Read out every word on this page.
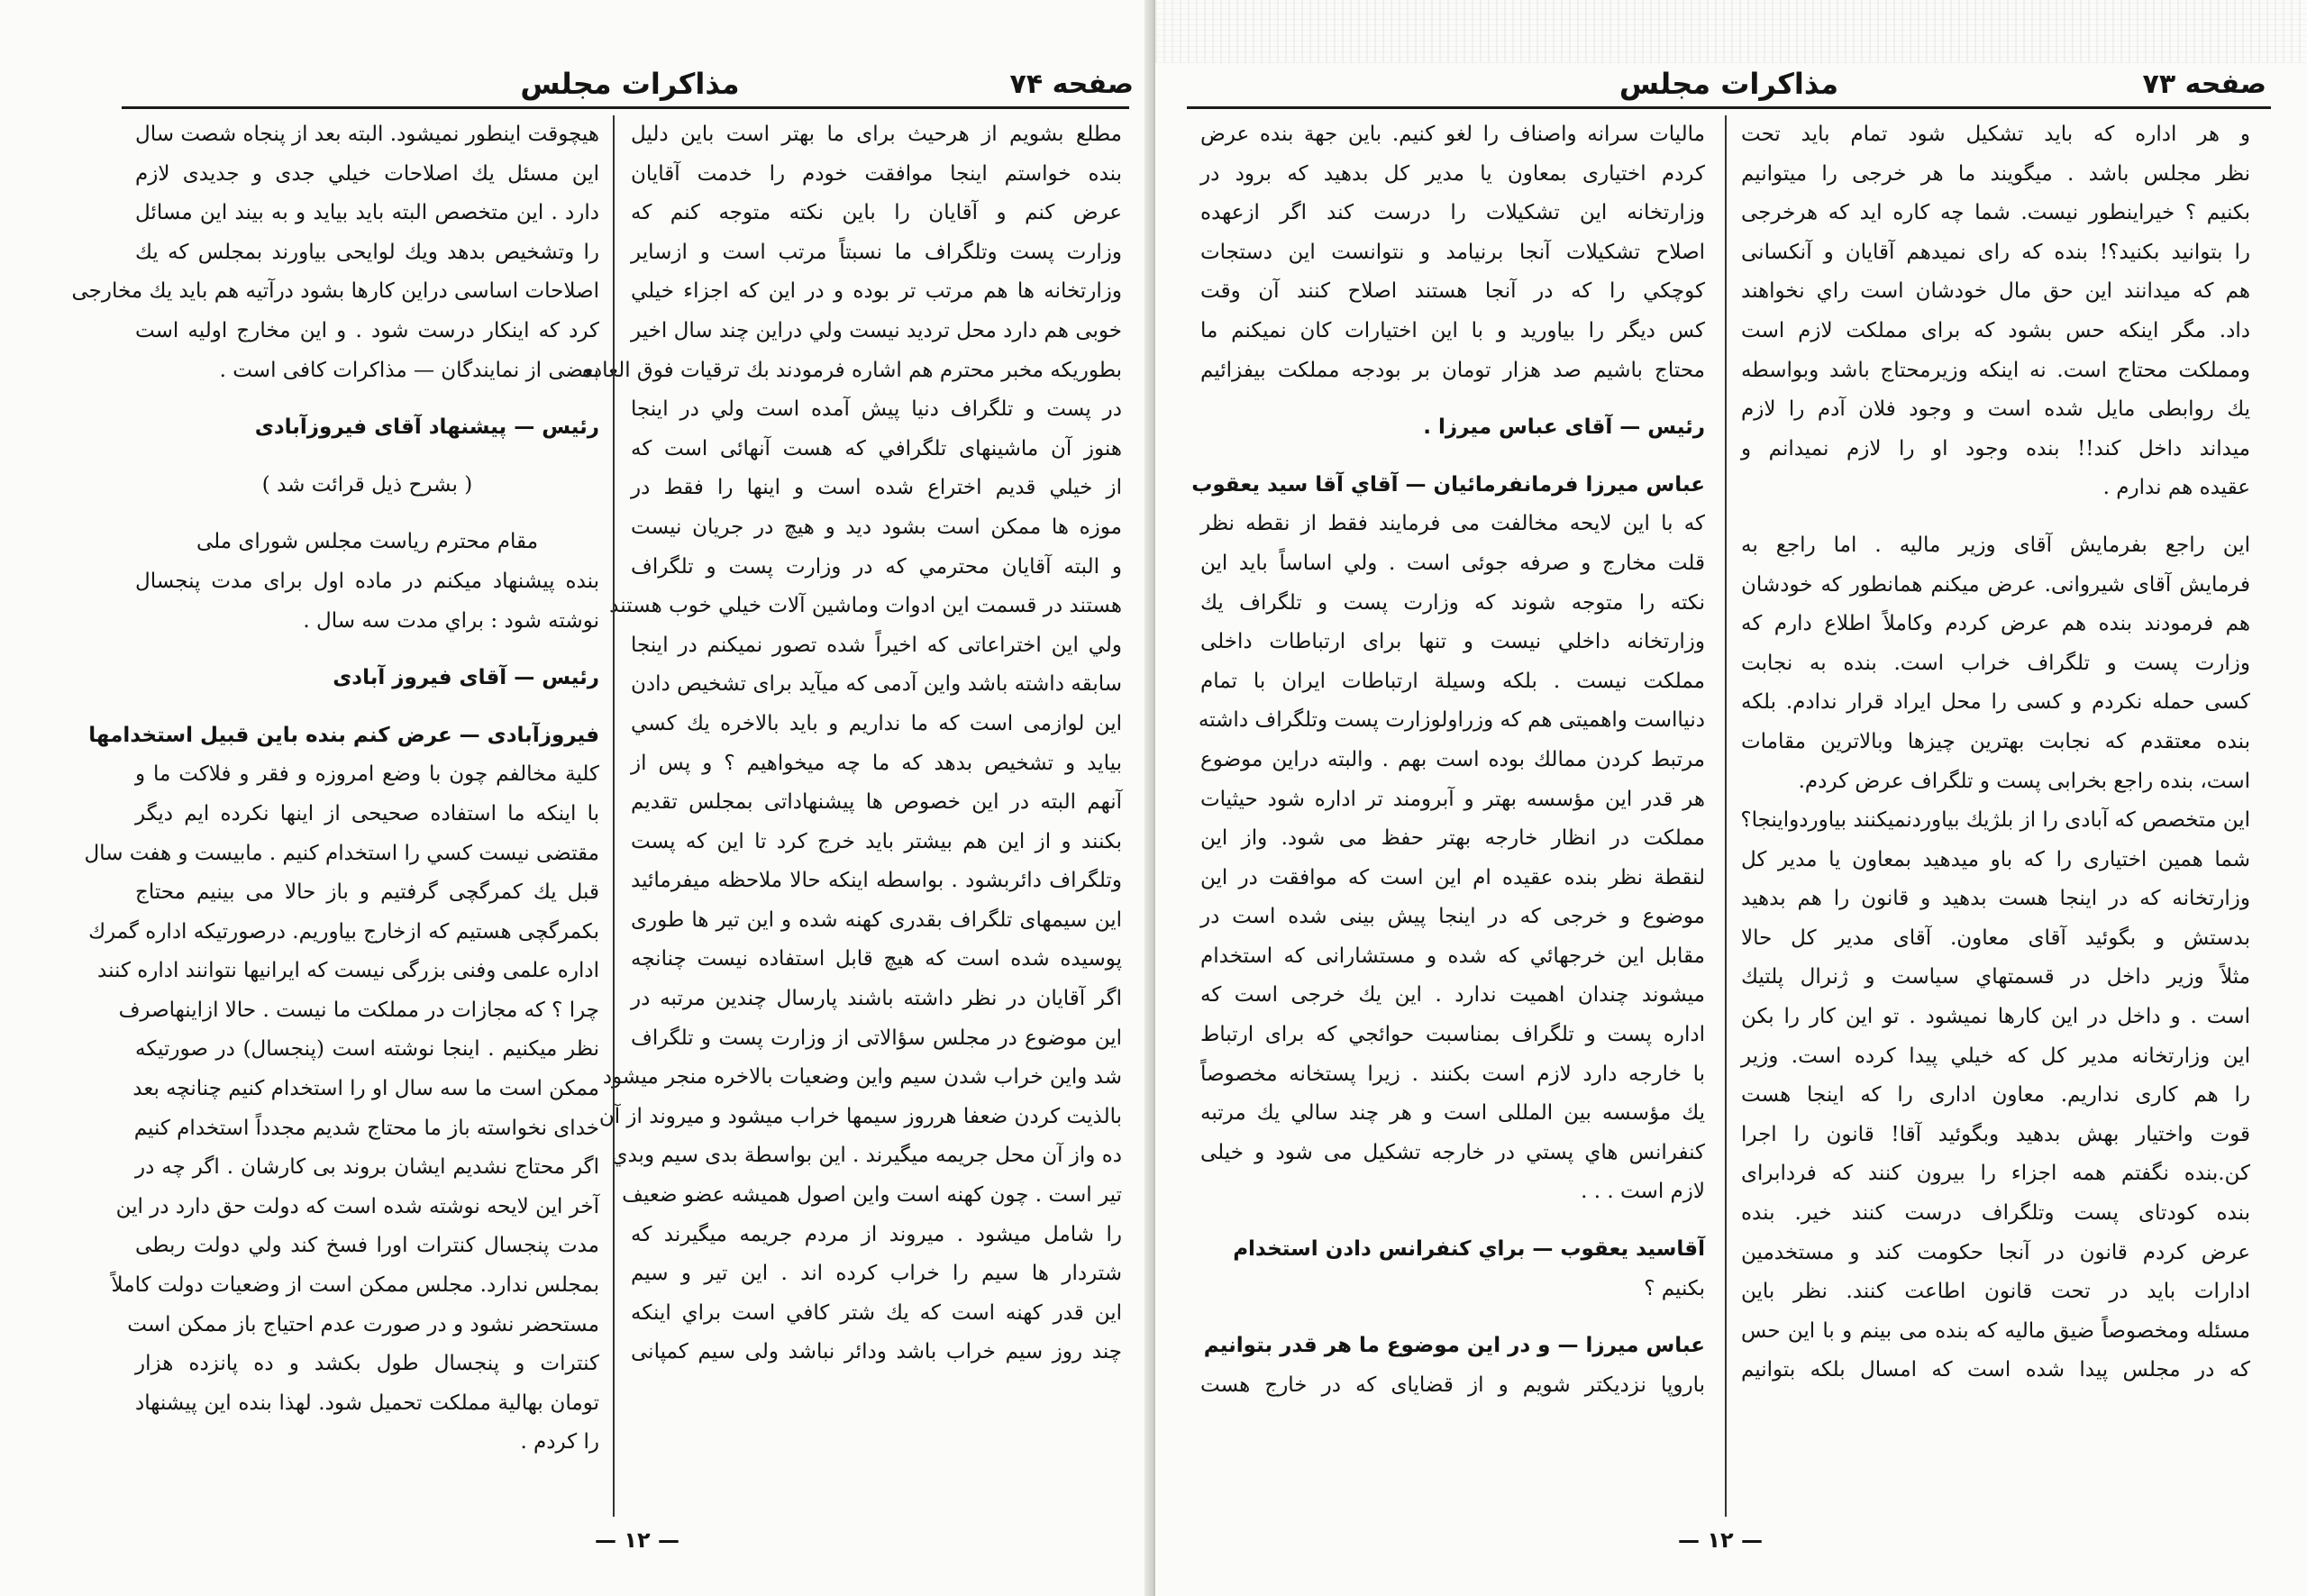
صفحه ۷۴
مذاکرات مجلس
مطلع بشويم از هرحيث براى ما بهتر است باين دليل
بنده خواستم اينجا موافقت خودم را خدمت آقايان
عرض كنم و آقايان را باين نكته متوجه كنم كه
وزارت پست وتلگراف ما نسبتاً مرتب است و ازساير
وزارتخانه ها هم مرتب تر بوده و در اين كه اجزاء خيلي
خوبى هم دارد محل ترديد نيست ولي دراين چند سال اخير
بطوريكه مخبر محترم هم اشاره فرمودند بك ترقيات فوق العاده
در پست و تلگراف دنيا پيش آمده است ولي در اينجا
هنوز آن ماشينهاى تلگرافي كه هست آنهائى است كه
از خيلي قديم اختراع شده است و اينها را فقط در
موزه ها ممكن است بشود ديد و هيچ در جريان نيست
و البته آقايان محترمي كه در وزارت پست و تلگراف
هستند در قسمت اين ادوات وماشين آلات خيلي خوب هستند
ولي اين اختراعاتى كه اخيراً شده تصور نميكنم در اينجا
سابقه داشته باشد واين آدمى كه ميآيد براى تشخيص دادن
اين لوازمى است كه ما نداريم و بايد بالاخره يك كسي
بيايد و تشخيص بدهد كه ما چه ميخواهيم ؟ و پس از
آنهم البته در اين خصوص ها پيشنهاداتى بمجلس تقديم
بكنند و از اين هم بيشتر بايد خرج كرد تا اين كه پست
وتلگراف دائربشود . بواسطه اينكه حالا ملاحظه ميفرمائيد
اين سيمهاى تلگراف بقدرى كهنه شده و اين تير ها طورى
پوسيده شده است كه هيچ قابل استفاده نيست چنانچه
اگر آقايان در نظر داشته باشند پارسال چندين مرتبه در
اين موضوع در مجلس سؤالاتى از وزارت پست و تلگراف
شد واين خراب شدن سيم واين وضعيات بالاخره منجر ميشود
بالذيت كردن ضعفا هرروز سيمها خراب ميشود و ميروند از آن
ده واز آن محل جريمه ميگيرند . اين بواسطة بدى سيم وبدي
تير است . چون كهنه است واين اصول هميشه عضو ضعيف
را شامل ميشود . ميروند از مردم جريمه ميگيرند كه
شتردار ها سيم را خراب كرده اند . اين تير و سيم
اين قدر كهنه است كه يك شتر كافي است براي اينكه
چند روز سيم خراب باشد ودائر نباشد ولى سيم كمپانى
هيچوقت اينطور نميشود. البته بعد از پنجاه شصت سال
اين مسئل يك اصلاحات خيلي جدى و جديدى لازم
دارد . اين متخصص البته بايد بيايد و به بيند اين مسائل
را وتشخيص بدهد ويك لوايحى بياورند بمجلس كه يك
اصلاحات اساسى دراين كارها بشود درآتيه هم بايد يك مخارجى
كرد كه اينكار درست شود . و اين مخارج اوليه است
بعضى از نمايندگان — مذاكرات كافى است .
رئيس — پيشنهاد آقاى فيروزآبادى
( بشرح ذيل قرائت شد )
مقام محترم رياست مجلس شوراى ملى
بنده پيشنهاد ميكنم در ماده اول براى مدت پنجسال
نوشته شود : براي مدت سه سال .
رئيس — آقاى فيروز آبادى
فيروزآبادى — عرض كنم بنده باين قبيل استخدامها
كلية مخالفم چون با وضع امروزه و فقر و فلاكت ما و
با اينكه ما استفاده صحيحى از اينها نكرده ايم ديگر
مقتضى نيست كسي را استخدام كنيم . مابيست و هفت سال
قبل يك كمرگچى گرفتيم و باز حالا مى بينيم محتاج
بكمرگچى هستيم كه ازخارج بياوريم. درصورتيكه اداره گمرك
اداره علمى وفنى بزرگى نيست كه ايرانيها نتوانند اداره كنند
چرا ؟ كه مجازات در مملكت ما نيست . حالا ازاينهاصرف
نظر ميكنيم . اينجا نوشته است (پنجسال) در صورتيكه
ممكن است ما سه سال او را استخدام كنيم چنانچه بعد
خداى نخواسته باز ما محتاج شديم مجدداً استخدام كنيم
اگر محتاج نشديم ايشان بروند بى كارشان . اگر چه در
آخر اين لايحه نوشته شده است كه دولت حق دارد در اين
مدت پنجسال كنترات اورا فسخ كند ولي دولت ربطى
بمجلس ندارد. مجلس ممكن است از وضعيات دولت كاملاً
مستحضر نشود و در صورت عدم احتياج باز ممكن است
كنترات و پنجسال طول بكشد و ده پانزده هزار
تومان بهالية مملكت تحميل شود. لهذا بنده اين پيشنهاد
را كردم .
— ۱۲ —
صفحه ۷۳
مذاكرات مجلس
و هر اداره كه بايد تشكيل شود تمام بايد تحت
نظر مجلس باشد . ميگويند ما هر خرجى را ميتوانيم
بكنيم ؟ خيراينطور نيست. شما چه كاره ايد كه هرخرجى
را بتوانيد بكنيد؟! بنده كه راى نميدهم آقايان و آنكسانى
هم كه ميدانند اين حق مال خودشان است راي نخواهند
داد. مگر اينكه حس بشود كه براى مملكت لازم است
ومملكت محتاج است. نه اينكه وزيرمحتاج باشد وبواسطه
يك روابطى مايل شده است و وجود فلان آدم را لازم
ميداند داخل كند!! بنده وجود او را لازم نميدانم و
عقيده هم ندارم .
اين راجع بفرمايش آقاى وزير ماليه . اما راجع به
فرمايش آقاى شيروانى. عرض ميكنم همانطور كه خودشان
هم فرمودند بنده هم عرض كردم وكاملاً اطلاع دارم كه
وزارت پست و تلگراف خراب است. بنده به نجابت
كسى حمله نكردم و كسى را محل ايراد قرار ندادم. بلكه
بنده معتقدم كه نجابت بهترين چيزها وبالاترين مقامات
است، بنده راجع بخرابى پست و تلگراف عرض كردم.
اين متخصص كه آبادى را از بلژيك بياوردنميكنند بياوردواينجا؟
شما همين اختيارى را كه باو ميدهيد بمعاون يا مدير كل
وزارتخانه كه در اينجا هست بدهيد و قانون را هم بدهيد
بدستش و بگوئيد آقاى معاون. آقاى مدير كل حالا
مثلاً وزير داخل در قسمتهاي سياست و ژنرال پلتيك
است . و داخل در اين كارها نميشود . تو اين كار را بكن
اين وزارتخانه مدير كل كه خيلي پيدا كرده است. وزير
را هم كارى نداريم. معاون ادارى را كه اينجا هست
قوت واختيار بهش بدهيد وبگوئيد آقا! قانون را اجرا
كن.بنده نگفتم همه اجزاء را بيرون كنند كه فردابراى
بنده كودتاى پست وتلگراف درست كنند خير. بنده
عرض كردم قانون در آنجا حكومت كند و مستخدمين
ادارات بايد در تحت قانون اطاعت كنند. نظر باين
مسئله ومخصوصاً ضيق ماليه كه بنده مى بينم و با اين حس
كه در مجلس پيدا شده است كه امسال بلكه بتوانيم
ماليات سرانه واصناف را لغو كنيم. باين جهة بنده عرض
كردم اختيارى بمعاون يا مدير كل بدهيد كه برود در
وزارتخانه اين تشكيلات را درست كند اگر ازعهده
اصلاح تشكيلات آنجا برنيامد و نتوانست اين دستجات
كوچكي را كه در آنجا هستند اصلاح كنند آن وقت
كس ديگر را بياوريد و با اين اختيارات كان نميكنم ما
محتاج باشيم صد هزار تومان بر بودجه مملكت بيفزائيم
رئيس — آقاى عباس ميرزا .
عباس ميرزا فرمانفرمائيان — آقاي آقا سيد يعقوب
كه با اين لايحه مخالفت مى فرمايند فقط از نقطه نظر
قلت مخارج و صرفه جوئى است . ولي اساساً بايد اين
نكته را متوجه شوند كه وزارت پست و تلگراف يك
وزارتخانه داخلي نيست و تنها براى ارتباطات داخلى
مملكت نيست . بلكه وسيلة ارتباطات ايران با تمام
دنيااست واهميتى هم كه وزراولوزارت پست وتلگراف داشته
مرتبط كردن ممالك بوده است بهم . والبته دراين موضوع
هر قدر اين مؤسسه بهتر و آبرومند تر اداره شود حيثيات
مملكت در انظار خارجه بهتر حفظ مى شود. واز اين
لنقطة نظر بنده عقيده ام اين است كه موافقت در اين
موضوع و خرجى كه در اينجا پيش بينى شده است در
مقابل اين خرجهائي كه شده و مستشارانى كه استخدام
ميشوند چندان اهميت ندارد . اين يك خرجى است كه
اداره پست و تلگراف بمناسبت حوائجي كه براى ارتباط
با خارجه دارد لازم است بكنند . زيرا پستخانه مخصوصاً
يك مؤسسه بين المللى است و هر چند سالي يك مرتبه
كنفرانس هاي پستي در خارجه تشكيل مى شود و خيلى
لازم است . . .
آقاسيد يعقوب — براي كنفرانس دادن استخدام
بكنيم ؟
عباس ميرزا — و در اين موضوع ما هر قدر بتوانيم
باروپا نزديكتر شويم و از قضاياى كه در خارج هست
— ۱۲ —
